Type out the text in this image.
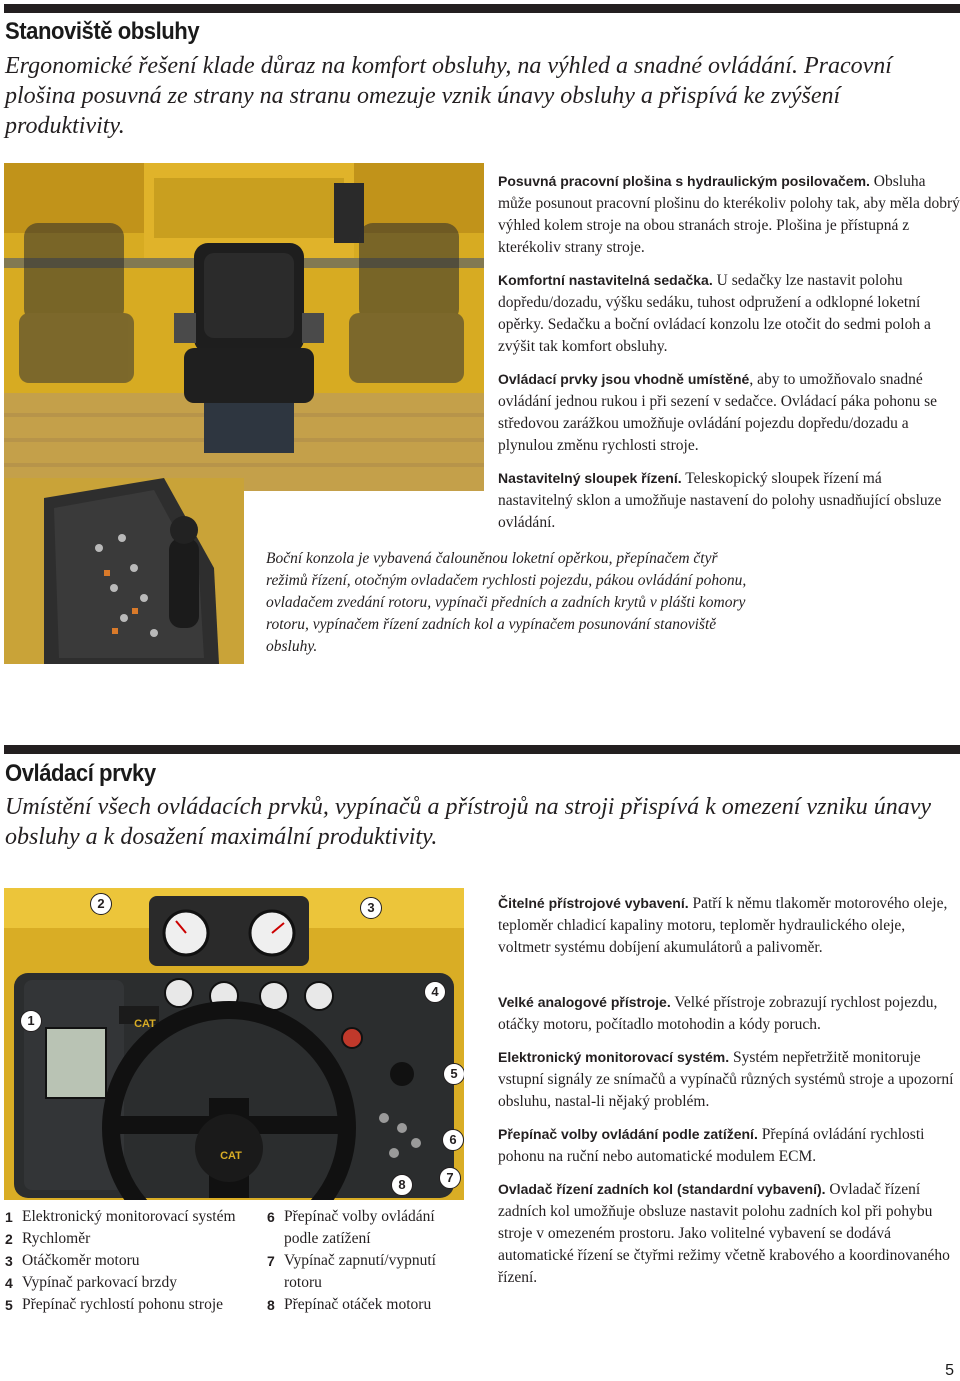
Stanoviště obsluhy

Ergonomické řešení klade důraz na komfort obsluhy, na výhled a snadné ovládání. Pracovní plošina posuvná ze strany na stranu omezuje vznik únavy obsluhy a přispívá ke zvýšení produktivity.

Posuvná pracovní plošina s hydraulickým posilovačem. Obsluha může posunout pracovní plošinu do kterékoliv polohy tak, aby měla dobrý výhled kolem stroje na obou stranách stroje. Plošina je přístupná z kterékoliv strany stroje.

Komfortní nastavitelná sedačka. U sedačky lze nastavit polohu dopředu/dozadu, výšku sedáku, tuhost odpružení a odklopné loketní opěrky. Sedačku a boční ovládací konzolu lze otočit do sedmi poloh a zvýšit tak komfort obsluhy.

Ovládací prvky jsou vhodně umístěné, aby to umožňovalo snadné ovládání jednou rukou i při sezení v sedačce. Ovládací páka pohonu se středovou zarážkou umožňuje ovládání pojezdu dopředu/dozadu a plynulou změnu rychlosti stroje.

Nastavitelný sloupek řízení. Teleskopický sloupek řízení má nastavitelný sklon a umožňuje nastavení do polohy usnadňující obsluze ovládání.

Boční konzola je vybavená čalouněnou loketní opěrkou, přepínačem čtyř režimů řízení, otočným ovladačem rychlosti pojezdu, pákou ovládání pohonu, ovladačem zvedání rotoru, vypínači předních a zadních krytů v plášti komory rotoru, vypínačem řízení zadních kol a vypínačem posunování stanoviště obsluhy.

Ovládací prvky

Umístění všech ovládacích prvků, vypínačů a přístrojů na stroji přispívá k omezení vzniku únavy obsluhy a k dosažení maximální produktivity.

CAT
CAT
1
2	3
4
5
6
7
8
1 Elektronický monitorovací systém
2 Rychloměr
3 Otáčkoměr motoru
4 Vypínač parkovací brzdy
5 Přepínač rychlostí pohonu stroje
6 Přepínač volby ovládání podle zatížení
7 Vypínač zapnutí/vypnutí rotoru
8 Přepínač otáček motoru

Čitelné přístrojové vybavení. Patří k němu tlakoměr motorového oleje, teploměr chladicí kapaliny motoru, teploměr hydraulického oleje, voltmetr systému dobíjení akumulátorů a palivoměr.

Velké analogové přístroje. Velké přístroje zobrazují rychlost pojezdu, otáčky motoru, počítadlo motohodin a kódy poruch.

Elektronický monitorovací systém. Systém nepřetržitě monitoruje vstupní signály ze snímačů a vypínačů různých systémů stroje a upozorní obsluhu, nastal-li nějaký problém.

Přepínač volby ovládání podle zatížení. Přepíná ovládání rychlosti pohonu na ruční nebo automatické modulem ECM.

Ovladač řízení zadních kol (standardní vybavení). Ovladač řízení zadních kol umožňuje obsluze nastavit polohu zadních kol při pohybu stroje v omezeném prostoru. Jako volitelné vybavení se dodává automatické řízení se čtyřmi režimy včetně krabového a koordinovaného řízení.

5
